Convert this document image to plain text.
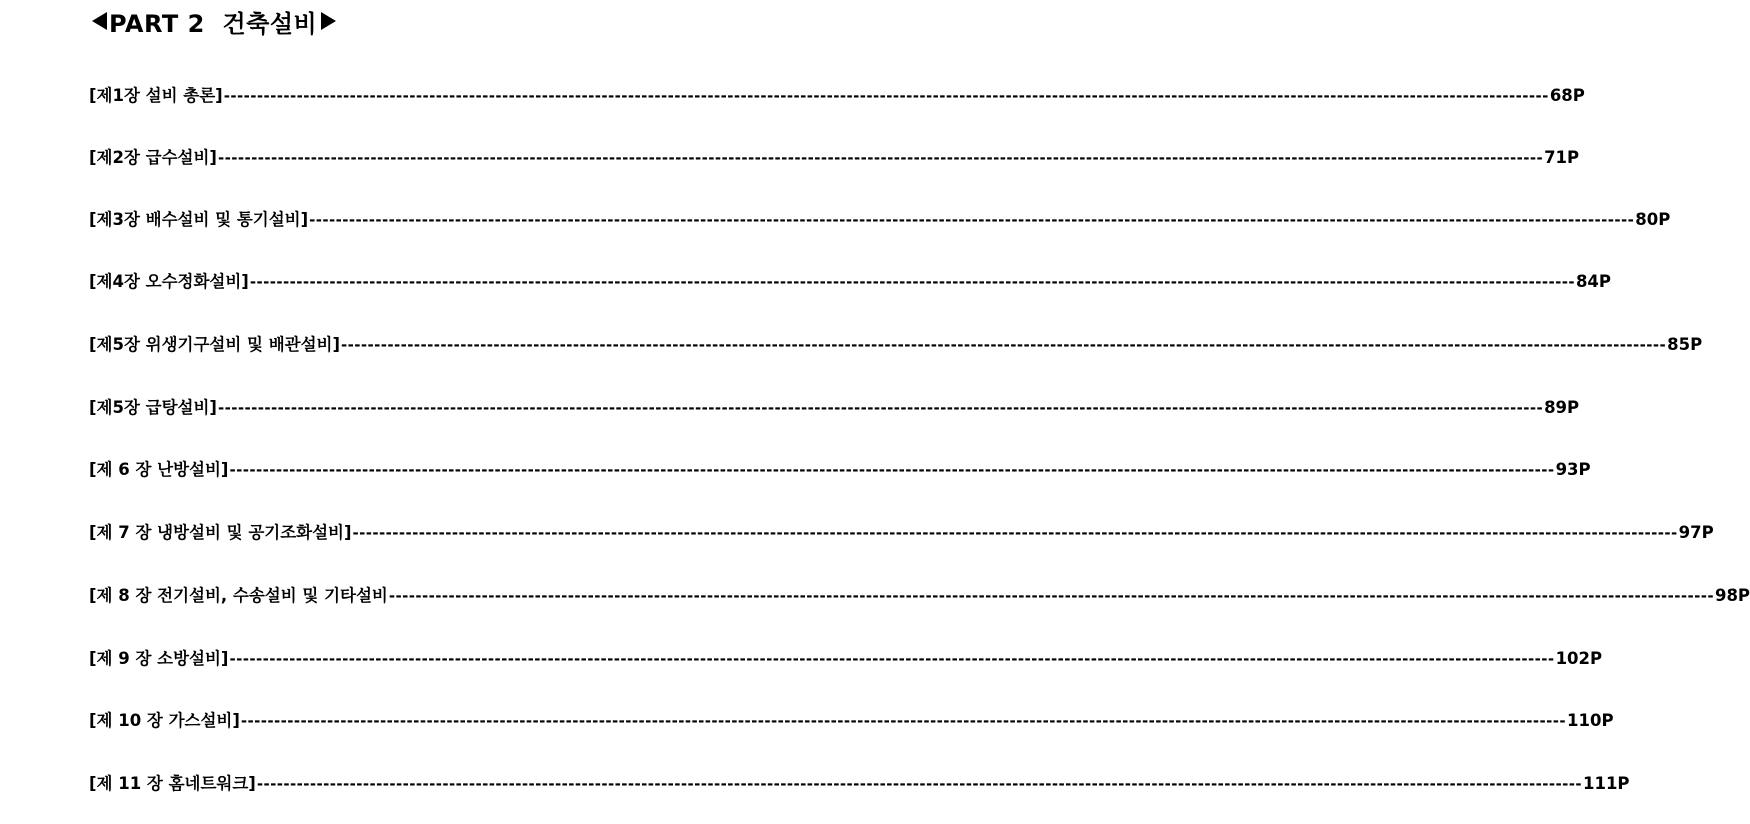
PART 2  건축설비
[제1장 설비 총론] -------------------------------------------------------------------------------------------------------------------------------------------------------------------------------------------------------- 68P
[제2장 급수설비] -------------------------------------------------------------------------------------------------------------------------------------------------------------------------------------------------------- 71P
[제3장 배수설비 및 통기설비] -------------------------------------------------------------------------------------------------------------------------------------------------------------------------------------------------------- 80P
[제4장 오수정화설비] -------------------------------------------------------------------------------------------------------------------------------------------------------------------------------------------------------- 84P
[제5장 위생기구설비 및 배관설비] -------------------------------------------------------------------------------------------------------------------------------------------------------------------------------------------------------- 85P
[제5장 급탕설비] -------------------------------------------------------------------------------------------------------------------------------------------------------------------------------------------------------- 89P
[제 6 장 난방설비] -------------------------------------------------------------------------------------------------------------------------------------------------------------------------------------------------------- 93P
[제 7 장 냉방설비 및 공기조화설비] -------------------------------------------------------------------------------------------------------------------------------------------------------------------------------------------------------- 97P
[제 8 장 전기설비, 수송설비 및 기타설비 -------------------------------------------------------------------------------------------------------------------------------------------------------------------------------------------------------- 98P
[제 9 장 소방설비] -------------------------------------------------------------------------------------------------------------------------------------------------------------------------------------------------------- 102P
[제 10 장 가스설비] -------------------------------------------------------------------------------------------------------------------------------------------------------------------------------------------------------- 110P
[제 11 장 홈네트워크] -------------------------------------------------------------------------------------------------------------------------------------------------------------------------------------------------------- 111P
